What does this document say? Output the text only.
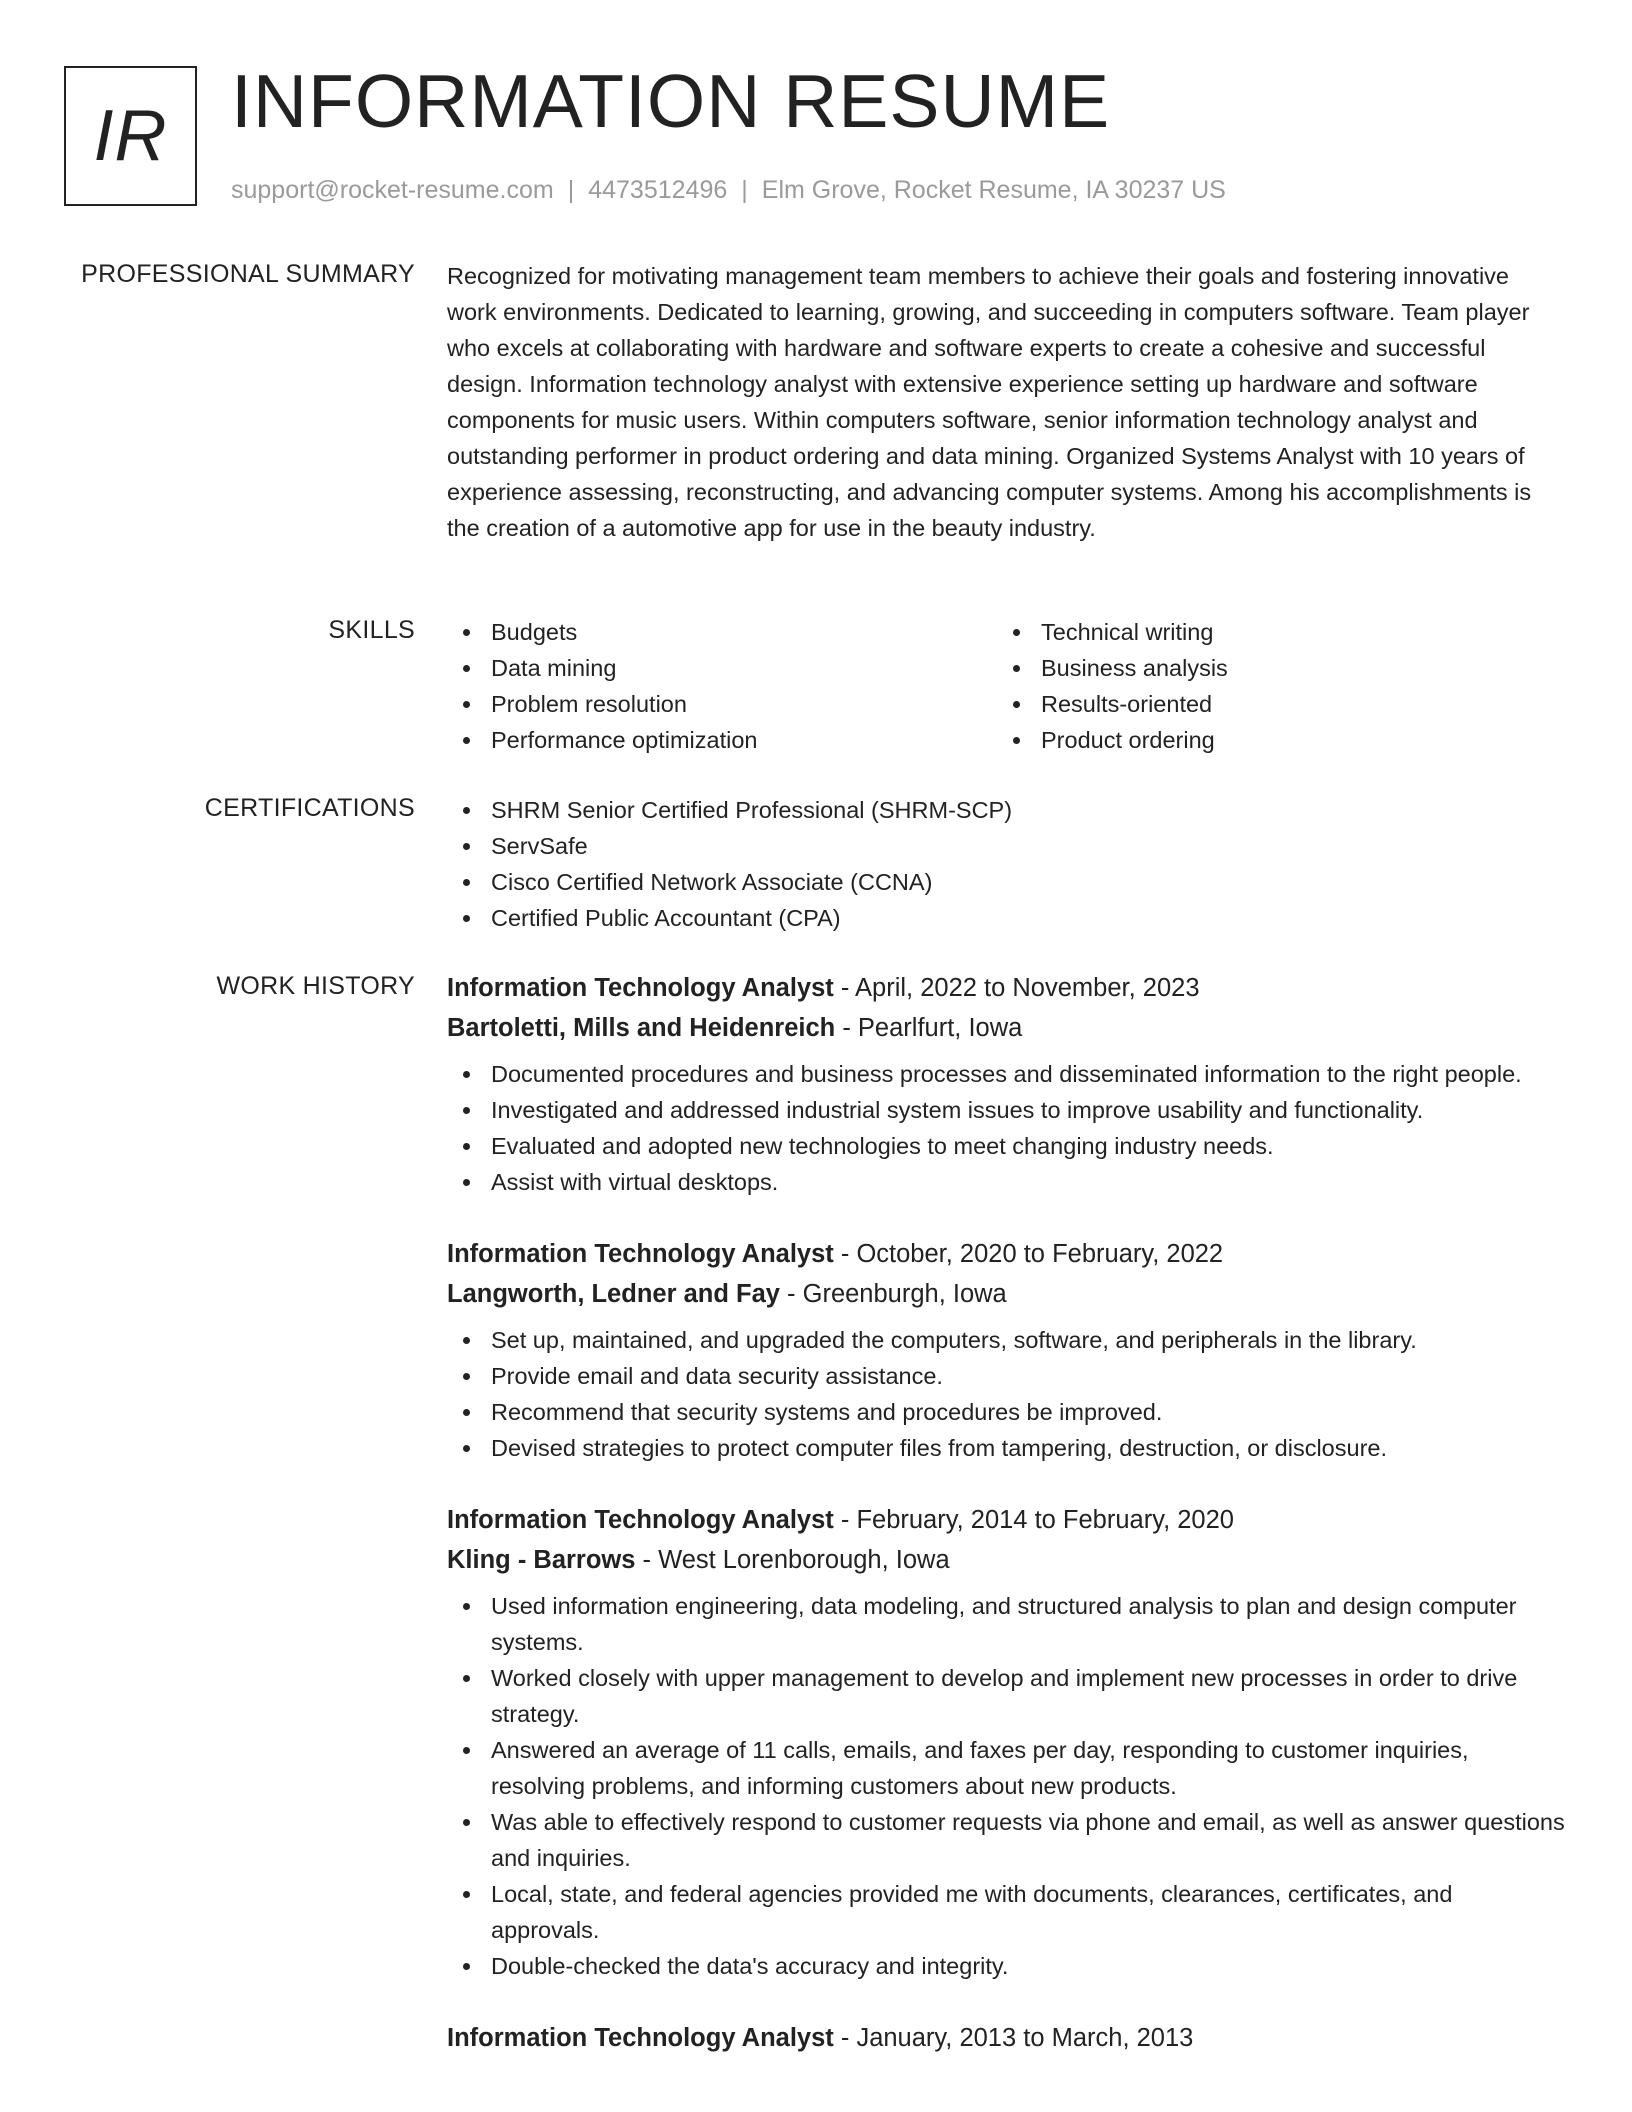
IR INFORMATION RESUME
support@rocket-resume.com | 4473512496 | Elm Grove, Rocket Resume, IA 30237 US
PROFESSIONAL SUMMARY Recognized for motivating management team members to achieve their goals and fostering innovative work environments. Dedicated to learning, growing, and succeeding in computers software. Team player who excels at collaborating with hardware and software experts to create a cohesive and successful design. Information technology analyst with extensive experience setting up hardware and software components for music users. Within computers software, senior information technology analyst and outstanding performer in product ordering and data mining. Organized Systems Analyst with 10 years of experience assessing, reconstructing, and advancing computer systems. Among his accomplishments is the creation of a automotive app for use in the beauty industry.

SKILLS	Budgets
Data mining
Problem resolution
Performance optimization
Technical writing
Business analysis
Results-oriented
Product ordering
CERTIFICATIONS	SHRM Senior Certified Professional (SHRM-SCP)
ServSafe
Cisco Certified Network Associate (CCNA)
Certified Public Accountant (CPA)
WORK HISTORY Information Technology Analyst - April, 2022 to November, 2023
Bartoletti, Mills and Heidenreich - Pearlfurt, Iowa
Documented procedures and business processes and disseminated information to the right people.
Investigated and addressed industrial system issues to improve usability and functionality.
Evaluated and adopted new technologies to meet changing industry needs.
Assist with virtual desktops.
Information Technology Analyst - October, 2020 to February, 2022
Langworth, Ledner and Fay - Greenburgh, Iowa
Set up, maintained, and upgraded the computers, software, and peripherals in the library.
Provide email and data security assistance.
Recommend that security systems and procedures be improved.
Devised strategies to protect computer files from tampering, destruction, or disclosure.
Information Technology Analyst - February, 2014 to February, 2020
Kling - Barrows - West Lorenborough, Iowa
Used information engineering, data modeling, and structured analysis to plan and design computer systems.
Worked closely with upper management to develop and implement new processes in order to drive strategy.
Answered an average of 11 calls, emails, and faxes per day, responding to customer inquiries, resolving problems, and informing customers about new products.
Was able to effectively respond to customer requests via phone and email, as well as answer questions and inquiries.
Local, state, and federal agencies provided me with documents, clearances, certificates, and approvals.
Double-checked the data's accuracy and integrity.
Information Technology Analyst - January, 2013 to March, 2013
